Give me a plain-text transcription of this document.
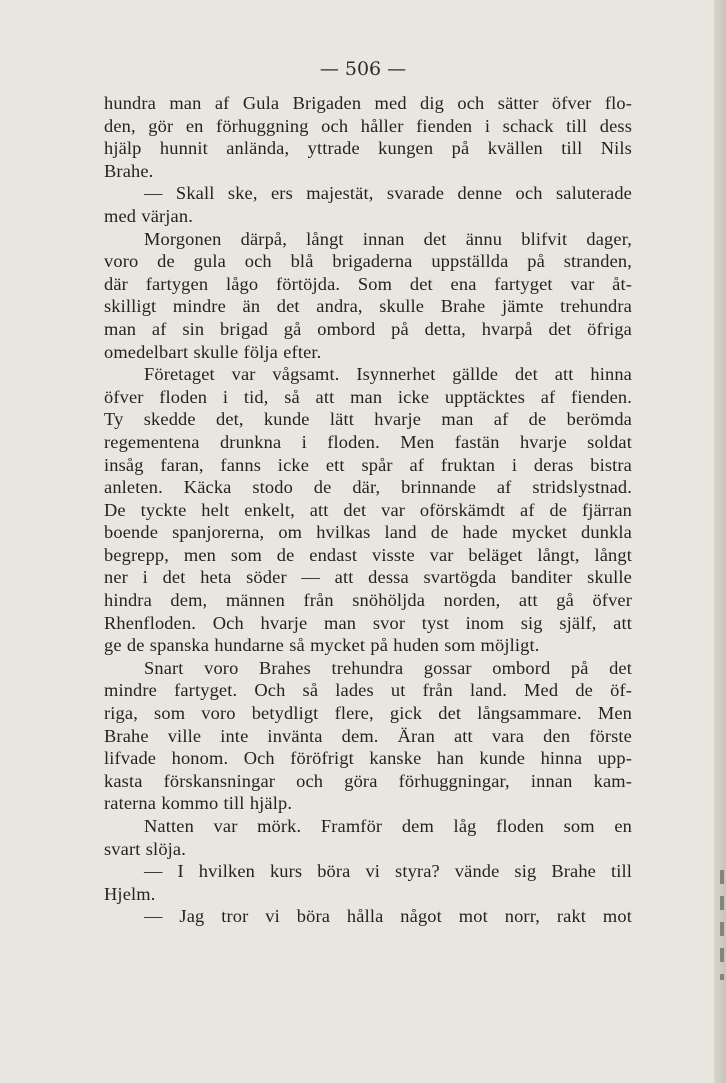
— 506 —
hundra man af Gula Brigaden med dig och sätter öfver flo-
den, gör en förhuggning och håller fienden i schack till dess
hjälp hunnit anlända, yttrade kungen på kvällen till Nils
Brahe.
— Skall ske, ers majestät, svarade denne och saluterade
med värjan.
Morgonen därpå, långt innan det ännu blifvit dager,
voro de gula och blå brigaderna uppställda på stranden,
där fartygen lågo förtöjda. Som det ena fartyget var åt-
skilligt mindre än det andra, skulle Brahe jämte trehundra
man af sin brigad gå ombord på detta, hvarpå det öfriga
omedelbart skulle följa efter.
Företaget var vågsamt. Isynnerhet gällde det att hinna
öfver floden i tid, så att man icke upptäcktes af fienden.
Ty skedde det, kunde lätt hvarje man af de berömda
regementena drunkna i floden. Men fastän hvarje soldat
insåg faran, fanns icke ett spår af fruktan i deras bistra
anleten. Käcka stodo de där, brinnande af stridslystnad.
De tyckte helt enkelt, att det var oförskämdt af de fjärran
boende spanjorerna, om hvilkas land de hade mycket dunkla
begrepp, men som de endast visste var beläget långt, långt
ner i det heta söder — att dessa svartögda banditer skulle
hindra dem, männen från snöhöljda norden, att gå öfver
Rhenfloden. Och hvarje man svor tyst inom sig själf, att
ge de spanska hundarne så mycket på huden som möjligt.
Snart voro Brahes trehundra gossar ombord på det
mindre fartyget. Och så lades ut från land. Med de öf-
riga, som voro betydligt flere, gick det långsammare. Men
Brahe ville inte invänta dem. Äran att vara den förste
lifvade honom. Och föröfrigt kanske han kunde hinna upp-
kasta förskansningar och göra förhuggningar, innan kam-
raterna kommo till hjälp.
Natten var mörk. Framför dem låg floden som en
svart slöja.
— I hvilken kurs böra vi styra? vände sig Brahe till
Hjelm.
— Jag tror vi böra hålla något mot norr, rakt mot
